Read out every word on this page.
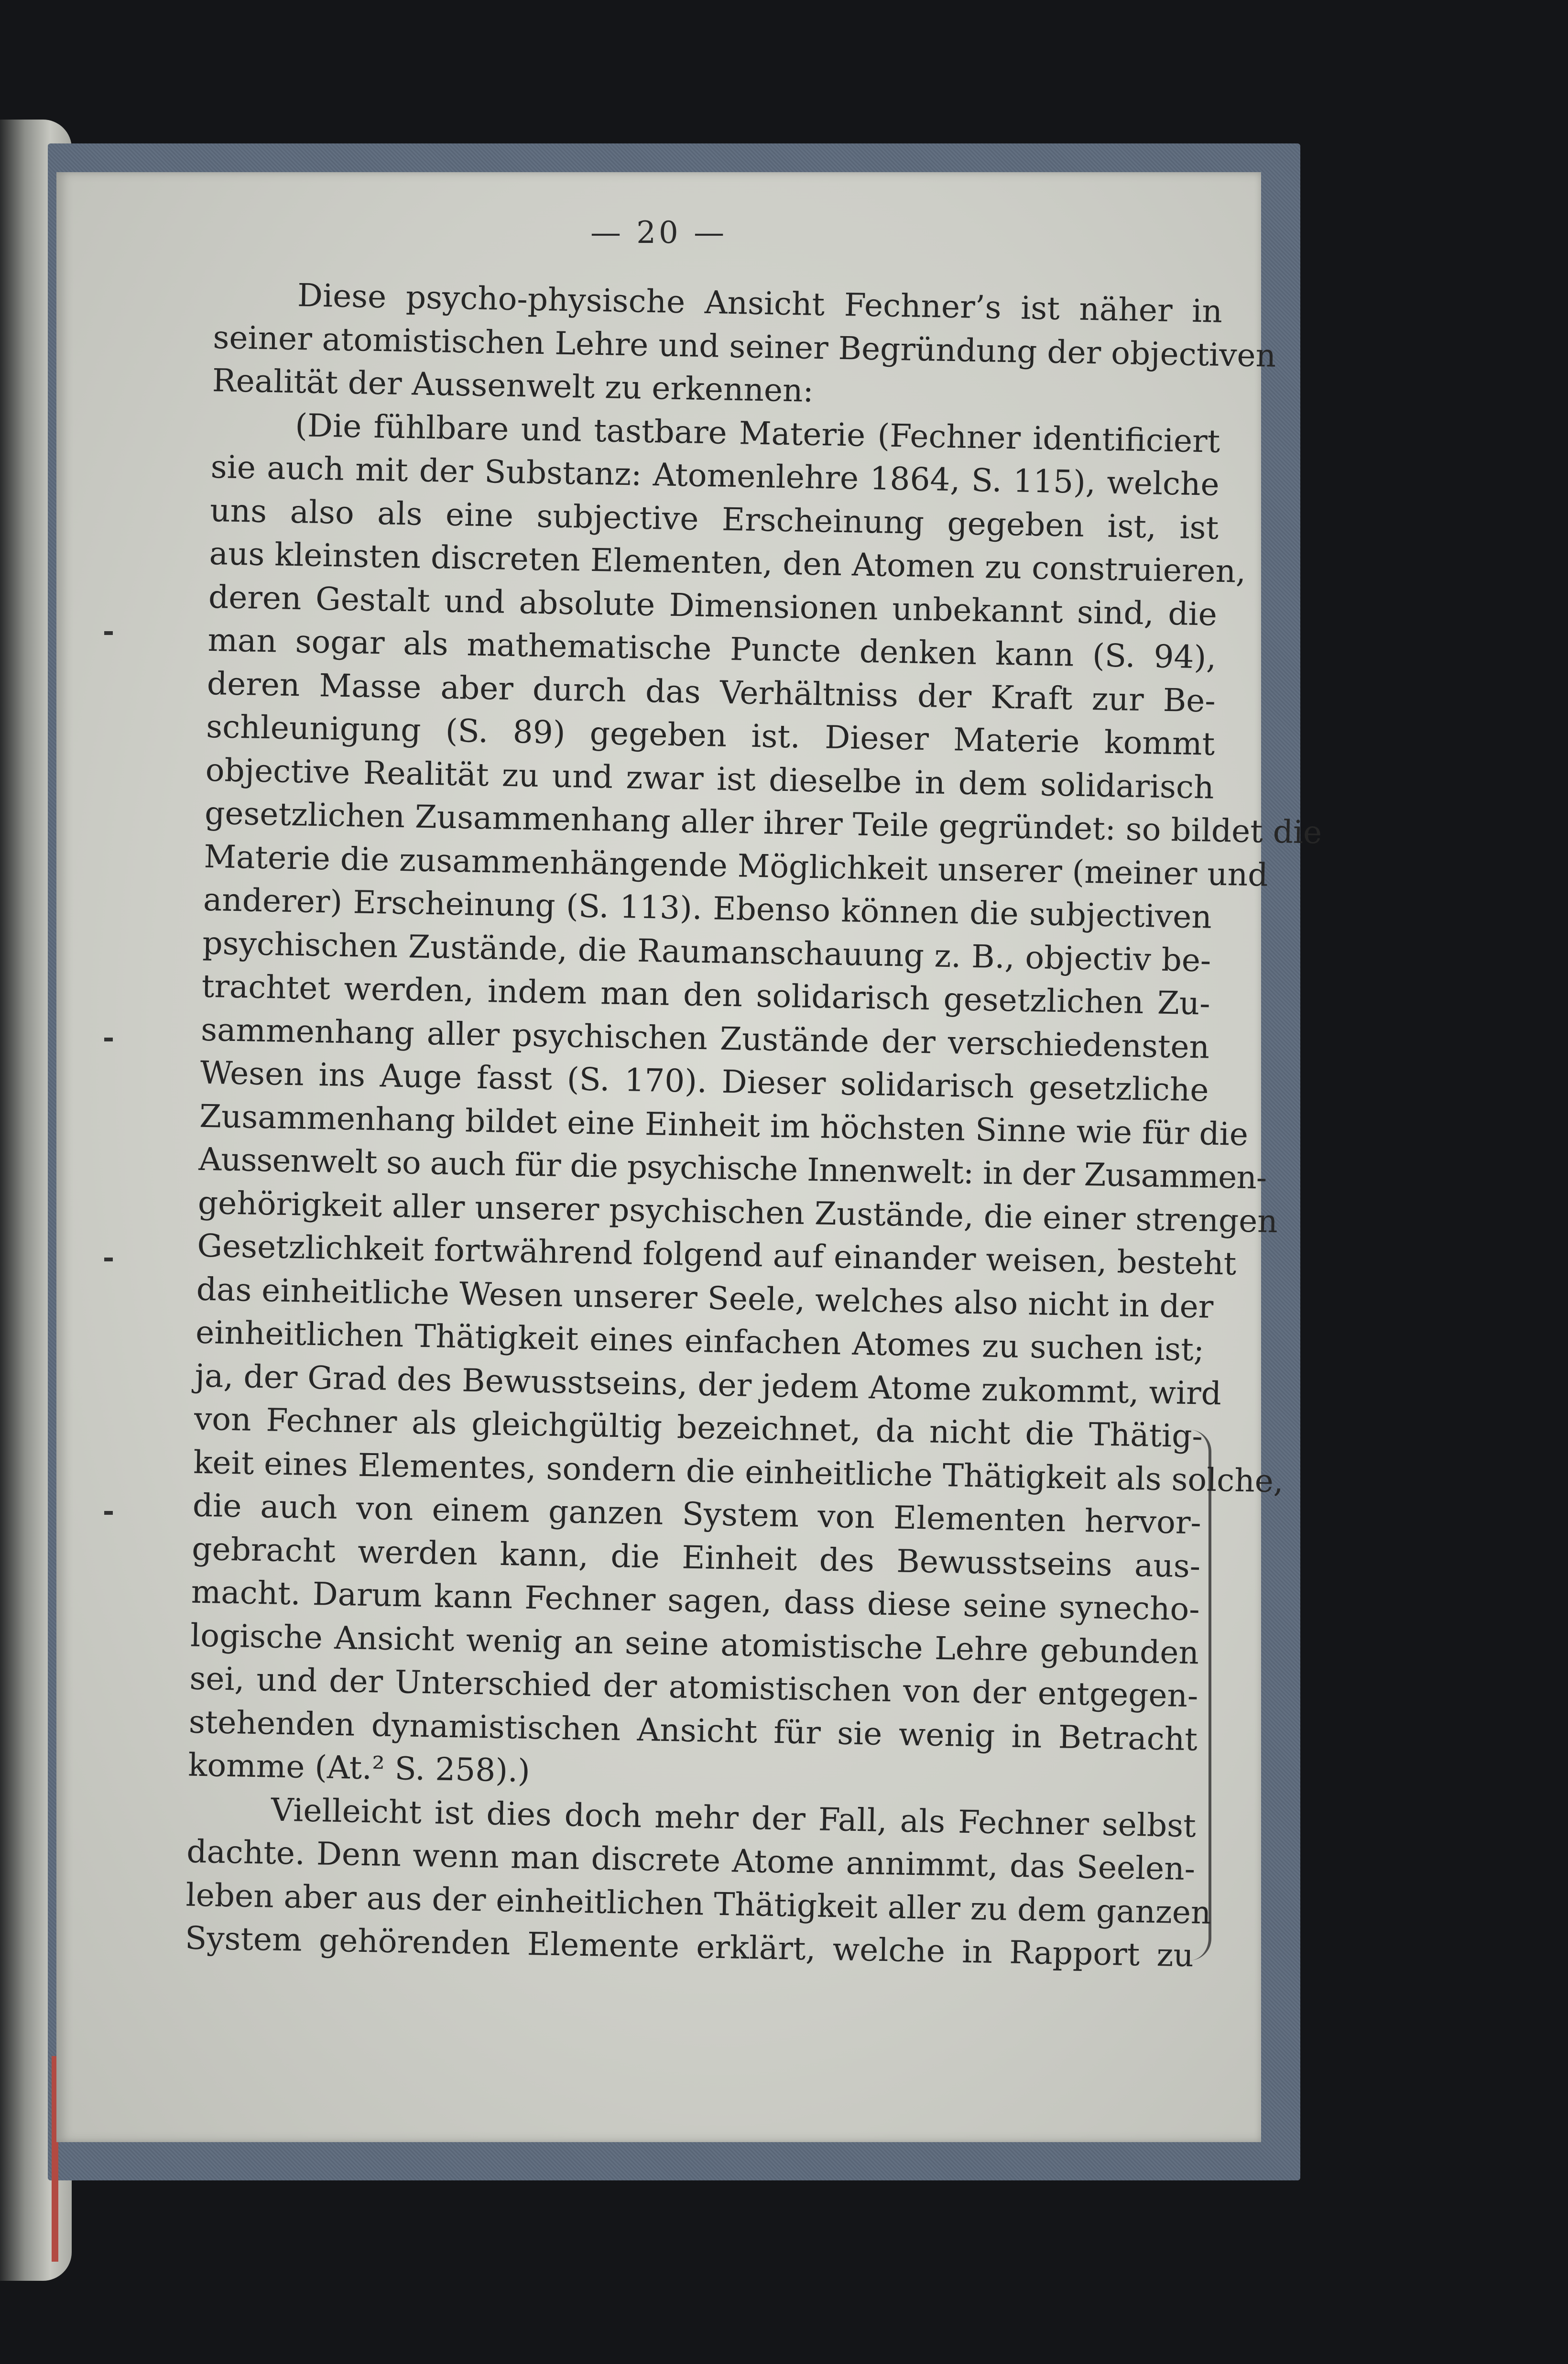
— 20 —
Diese psycho-physische Ansicht Fechner’s ist näher in
seiner atomistischen Lehre und seiner Begründung der objectiven
Realität der Aussenwelt zu erkennen:
(Die fühlbare und tastbare Materie (Fechner identificiert
sie auch mit der Substanz: Atomenlehre 1864, S. 115), welche
uns also als eine subjective Erscheinung gegeben ist, ist
aus kleinsten discreten Elementen, den Atomen zu construieren,
deren Gestalt und absolute Dimensionen unbekannt sind, die
man sogar als mathematische Puncte denken kann (S. 94),
deren Masse aber durch das Verhältniss der Kraft zur Be-
schleunigung (S. 89) gegeben ist. Dieser Materie kommt
objective Realität zu und zwar ist dieselbe in dem solidarisch
gesetzlichen Zusammenhang aller ihrer Teile gegründet: so bildet die
Materie die zusammenhängende Möglichkeit unserer (meiner und
anderer) Erscheinung (S. 113). Ebenso können die subjectiven
psychischen Zustände, die Raumanschauung z. B., objectiv be-
trachtet werden, indem man den solidarisch gesetzlichen Zu-
sammenhang aller psychischen Zustände der verschiedensten
Wesen ins Auge fasst (S. 170). Dieser solidarisch gesetzliche
Zusammenhang bildet eine Einheit im höchsten Sinne wie für die
Aussenwelt so auch für die psychische Innenwelt: in der Zusammen-
gehörigkeit aller unserer psychischen Zustände, die einer strengen
Gesetzlichkeit fortwährend folgend auf einander weisen, besteht
das einheitliche Wesen unserer Seele, welches also nicht in der
einheitlichen Thätigkeit eines einfachen Atomes zu suchen ist;
ja, der Grad des Bewusstseins, der jedem Atome zukommt, wird
von Fechner als gleichgültig bezeichnet, da nicht die Thätig-
keit eines Elementes, sondern die einheitliche Thätigkeit als solche,
die auch von einem ganzen System von Elementen hervor-
gebracht werden kann, die Einheit des Bewusstseins aus-
macht. Darum kann Fechner sagen, dass diese seine synecho-
logische Ansicht wenig an seine atomistische Lehre gebunden
sei, und der Unterschied der atomistischen von der entgegen-
stehenden dynamistischen Ansicht für sie wenig in Betracht
komme (At.² S. 258).)
Vielleicht ist dies doch mehr der Fall, als Fechner selbst
dachte. Denn wenn man discrete Atome annimmt, das Seelen-
leben aber aus der einheitlichen Thätigkeit aller zu dem ganzen
System gehörenden Elemente erklärt, welche in Rapport zu
